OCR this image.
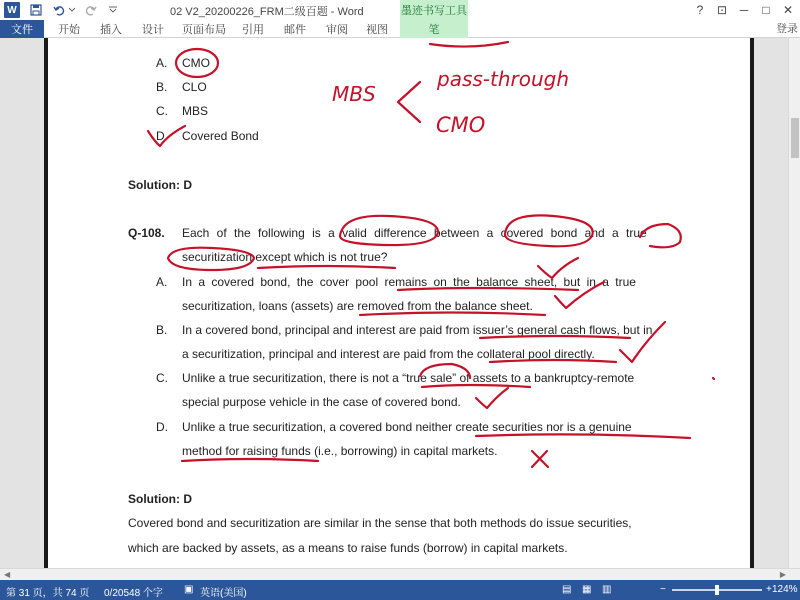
W	02 V2_20200226_FRM二级百题 - Word	墨迹书写工具	?	⊡	─	□	✕
文件	开始	插入	设计	页面布局	引用	邮件	审阅	视图	笔	登录
A. CMO
B. CLO
C. MBS
D. Covered Bond
Solution: D
Q-108. Each of the following is a valid difference between a covered bond and a true
securitization except which is not true?
A. In a covered bond, the cover pool remains on the balance sheet, but in a true
securitization, loans (assets) are removed from the balance sheet.
B. In a covered bond, principal and interest are paid from issuer’s general cash flows, but in
a securitization, principal and interest are paid from the collateral pool directly.
C. Unlike a true securitization, there is not a “true sale” of assets to a bankruptcy-remote
special purpose vehicle in the case of covered bond.
D. Unlike a true securitization, a covered bond neither create securities nor is a genuine
method for raising funds (i.e., borrowing) in capital markets.
Solution: D
Covered bond and securitization are similar in the sense that both methods do issue securities,
which are backed by assets, as a means to raise funds (borrow) in capital markets.
◀	▶
MBS
pass-through
CMO
第 31 页，共 74 页 0/20548 个字 ▣ 英语(美国)	▤ ▦ ▥	−	+ 124%
